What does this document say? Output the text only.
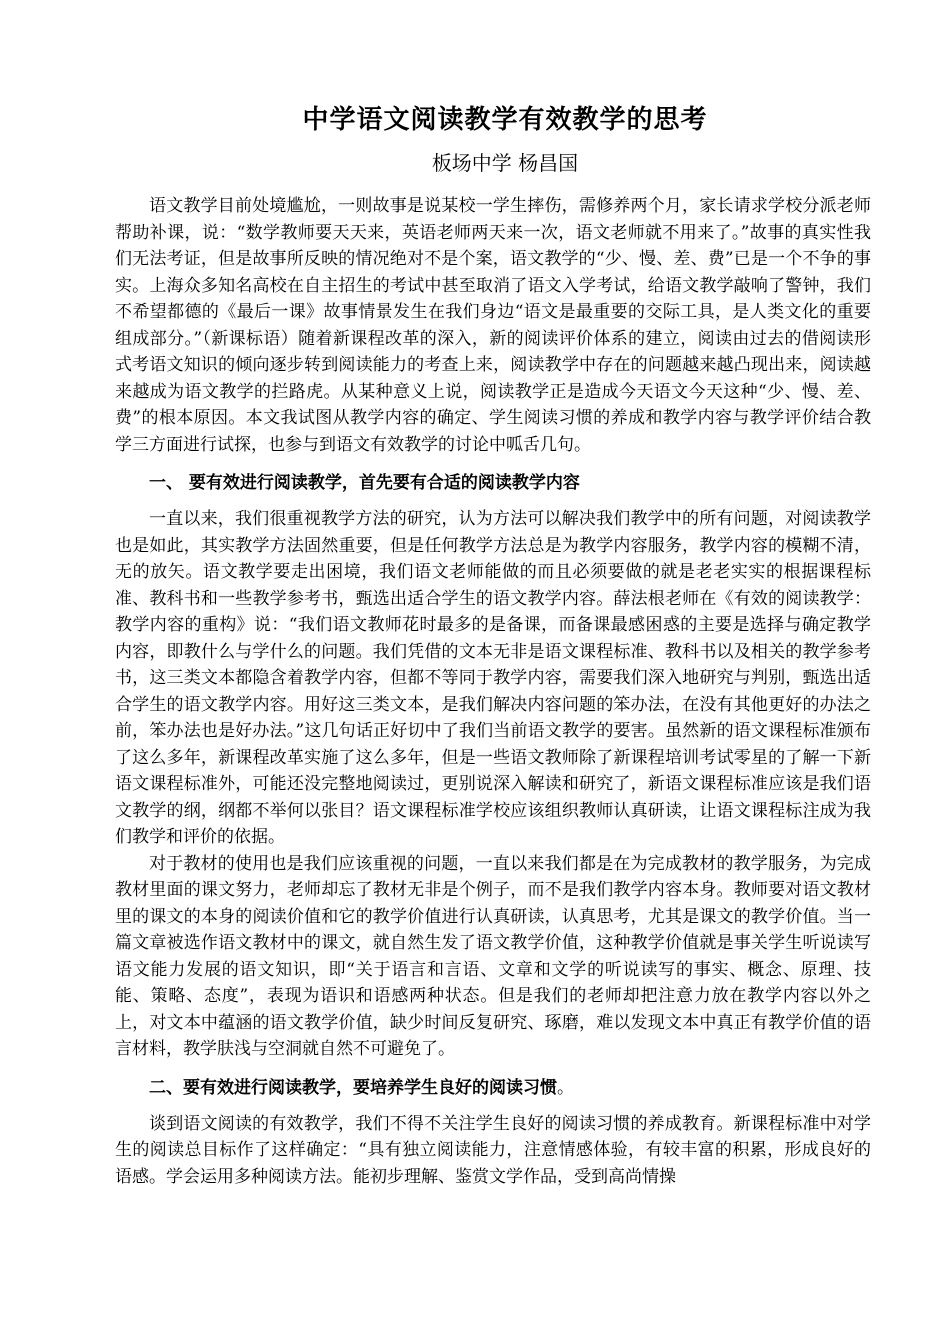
中学语文阅读教学有效教学的思考
板场中学 杨昌国

语文教学目前处境尴尬，一则故事是说某校一学生摔伤，需修养两个月，家长请求学校分派老师帮助补课，说：“数学教师要天天来，英语老师两天来一次，语文老师就不用来了。”故事的真实性我们无法考证，但是故事所反映的情况绝对不是个案，语文教学的“少、慢、差、费”已是一个不争的事实。上海众多知名高校在自主招生的考试中甚至取消了语文入学考试，给语文教学敲响了警钟，我们不希望都德的《最后一课》故事情景发生在我们身边“语文是最重要的交际工具，是人类文化的重要组成部分。”（新课标语）随着新课程改革的深入，新的阅读评价体系的建立，阅读由过去的借阅读形式考语文知识的倾向逐步转到阅读能力的考查上来，阅读教学中存在的问题越来越凸现出来，阅读越来越成为语文教学的拦路虎。从某种意义上说，阅读教学正是造成今天语文今天这种“少、慢、差、费”的根本原因。本文我试图从教学内容的确定、学生阅读习惯的养成和教学内容与教学评价结合教学三方面进行试探，也参与到语文有效教学的讨论中呱舌几句。

一、 要有效进行阅读教学，首先要有合适的阅读教学内容

一直以来，我们很重视教学方法的研究，认为方法可以解决我们教学中的所有问题，对阅读教学也是如此，其实教学方法固然重要，但是任何教学方法总是为教学内容服务，教学内容的模糊不清，无的放矢。语文教学要走出困境，我们语文老师能做的而且必须要做的就是老老实实的根据课程标准、教科书和一些教学参考书，甄选出适合学生的语文教学内容。薛法根老师在《有效的阅读教学：教学内容的重构》说：“我们语文教师花时最多的是备课，而备课最感困惑的主要是选择与确定教学内容，即教什么与学什么的问题。我们凭借的文本无非是语文课程标准、教科书以及相关的教学参考书，这三类文本都隐含着教学内容，但都不等同于教学内容，需要我们深入地研究与判别，甄选出适合学生的语文教学内容。用好这三类文本，是我们解决内容问题的笨办法，在没有其他更好的办法之前，笨办法也是好办法。”这几句话正好切中了我们当前语文教学的要害。虽然新的语文课程标准颁布了这么多年，新课程改革实施了这么多年，但是一些语文教师除了新课程培训考试零星的了解一下新语文课程标准外，可能还没完整地阅读过，更别说深入解读和研究了，新语文课程标准应该是我们语文教学的纲，纲都不举何以张目？语文课程标准学校应该组织教师认真研读，让语文课程标注成为我们教学和评价的依据。

对于教材的使用也是我们应该重视的问题，一直以来我们都是在为完成教材的教学服务，为完成教材里面的课文努力，老师却忘了教材无非是个例子，而不是我们教学内容本身。教师要对语文教材里的课文的本身的阅读价值和它的教学价值进行认真研读，认真思考，尤其是课文的教学价值。当一篇文章被选作语文教材中的课文，就自然生发了语文教学价值，这种教学价值就是事关学生听说读写语文能力发展的语文知识，即“关于语言和言语、文章和文学的听说读写的事实、概念、原理、技能、策略、态度”，表现为语识和语感两种状态。但是我们的老师却把注意力放在教学内容以外之上，对文本中蕴涵的语文教学价值，缺少时间反复研究、琢磨，难以发现文本中真正有教学价值的语言材料，教学肤浅与空洞就自然不可避免了。

二、要有效进行阅读教学，要培养学生良好的阅读习惯。

谈到语文阅读的有效教学，我们不得不关注学生良好的阅读习惯的养成教育。新课程标准中对学生的阅读总目标作了这样确定：“具有独立阅读能力，注意情感体验，有较丰富的积累，形成良好的语感。学会运用多种阅读方法。能初步理解、鉴赏文学作品，受到高尚情操
